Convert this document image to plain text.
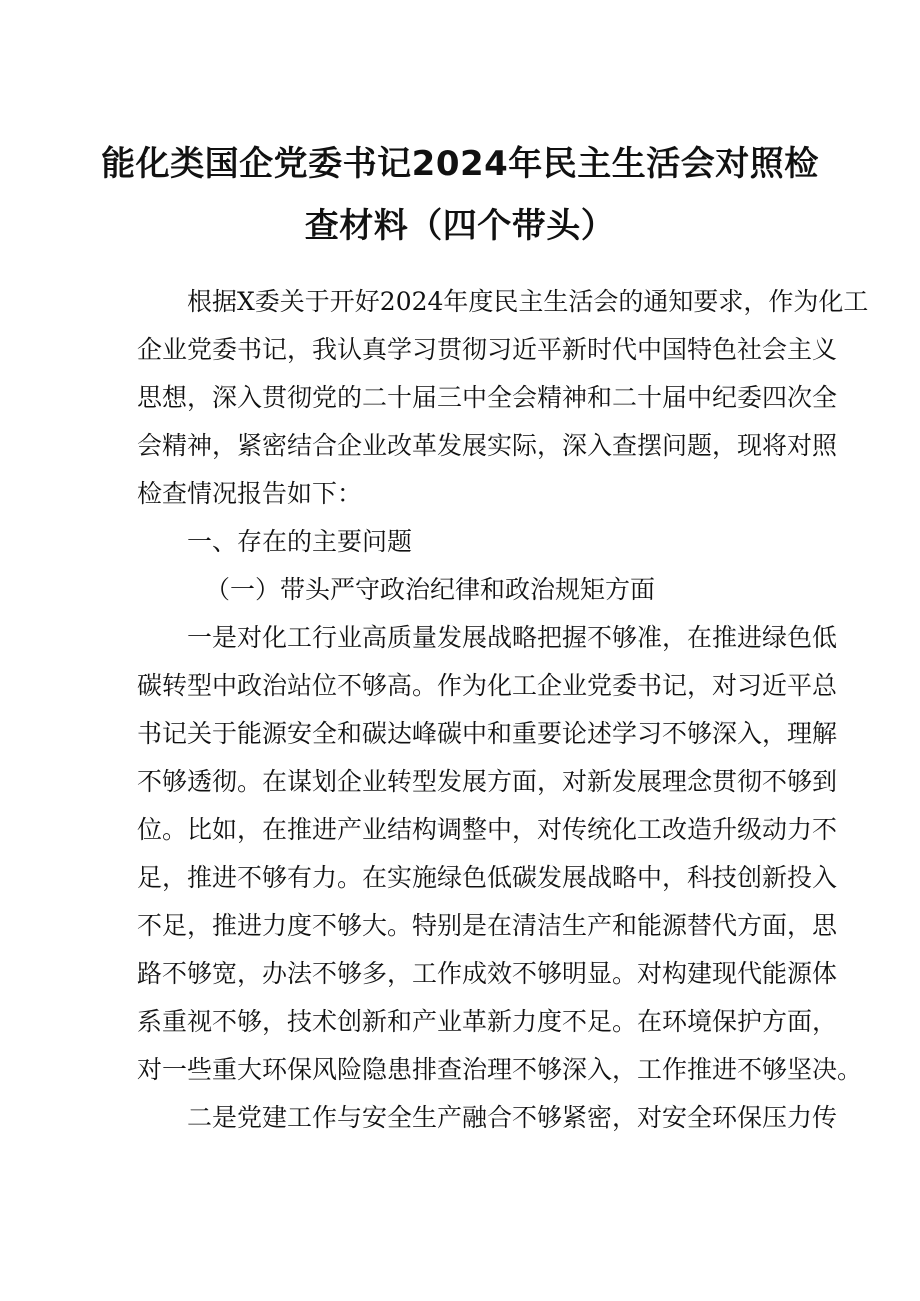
能化类国企党委书记2024年民主生活会对照检
查材料（四个带头）
根据X委关于开好2024年度民主生活会的通知要求，作为化工
企业党委书记，我认真学习贯彻习近平新时代中国特色社会主义
思想，深入贯彻党的二十届三中全会精神和二十届中纪委四次全
会精神，紧密结合企业改革发展实际，深入查摆问题，现将对照
检查情况报告如下：
一、存在的主要问题
（一）带头严守政治纪律和政治规矩方面
一是对化工行业高质量发展战略把握不够准，在推进绿色低
碳转型中政治站位不够高。作为化工企业党委书记，对习近平总
书记关于能源安全和碳达峰碳中和重要论述学习不够深入，理解
不够透彻。在谋划企业转型发展方面，对新发展理念贯彻不够到
位。比如，在推进产业结构调整中，对传统化工改造升级动力不
足，推进不够有力。在实施绿色低碳发展战略中，科技创新投入
不足，推进力度不够大。特别是在清洁生产和能源替代方面，思
路不够宽，办法不够多，工作成效不够明显。对构建现代能源体
系重视不够，技术创新和产业革新力度不足。在环境保护方面，
对一些重大环保风险隐患排查治理不够深入，工作推进不够坚决。
二是党建工作与安全生产融合不够紧密，对安全环保压力传
